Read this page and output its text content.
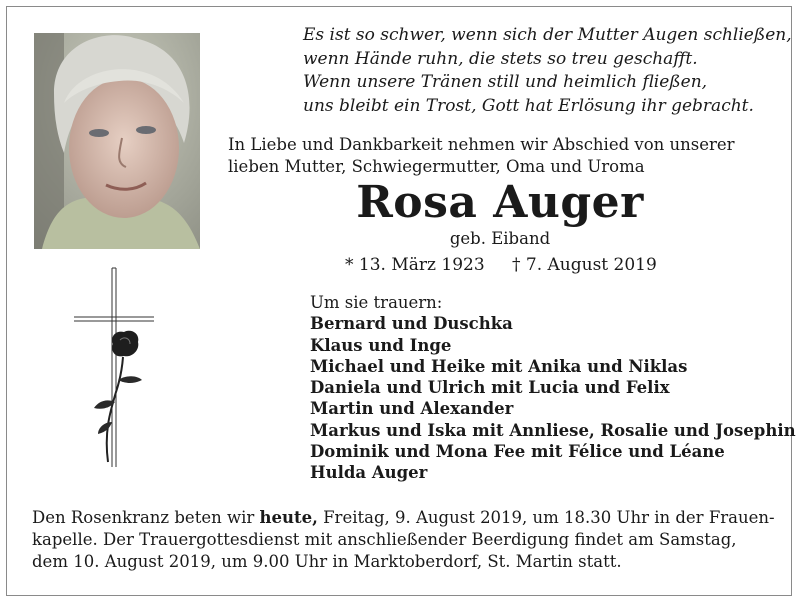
Es ist so schwer, wenn sich der Mutter Augen schließen,
wenn Hände ruhn, die stets so treu geschafft.
Wenn unsere Tränen still und heimlich fließen,
uns bleibt ein Trost, Gott hat Erlösung ihr gebracht.
In Liebe und Dankbarkeit nehmen wir Abschied von unserer
lieben Mutter, Schwiegermutter, Oma und Uroma
Rosa Auger
geb. Eiband
* 13. März 1923 † 7. August 2019
Um sie trauern:
Bernard und Duschka
Klaus und Inge
Michael und Heike mit Anika und Niklas
Daniela und Ulrich mit Lucia und Felix
Martin und Alexander
Markus und Iska mit Annliese, Rosalie und Josephin
Dominik und Mona Fee mit Félice und Léane
Hulda Auger
Den Rosenkranz beten wir heute, Freitag, 9. August 2019, um 18.30 Uhr in der Frauen-
kapelle. Der Trauergottesdienst mit anschließender Beerdigung findet am Samstag,
dem 10. August 2019, um 9.00 Uhr in Marktoberdorf, St. Martin statt.
